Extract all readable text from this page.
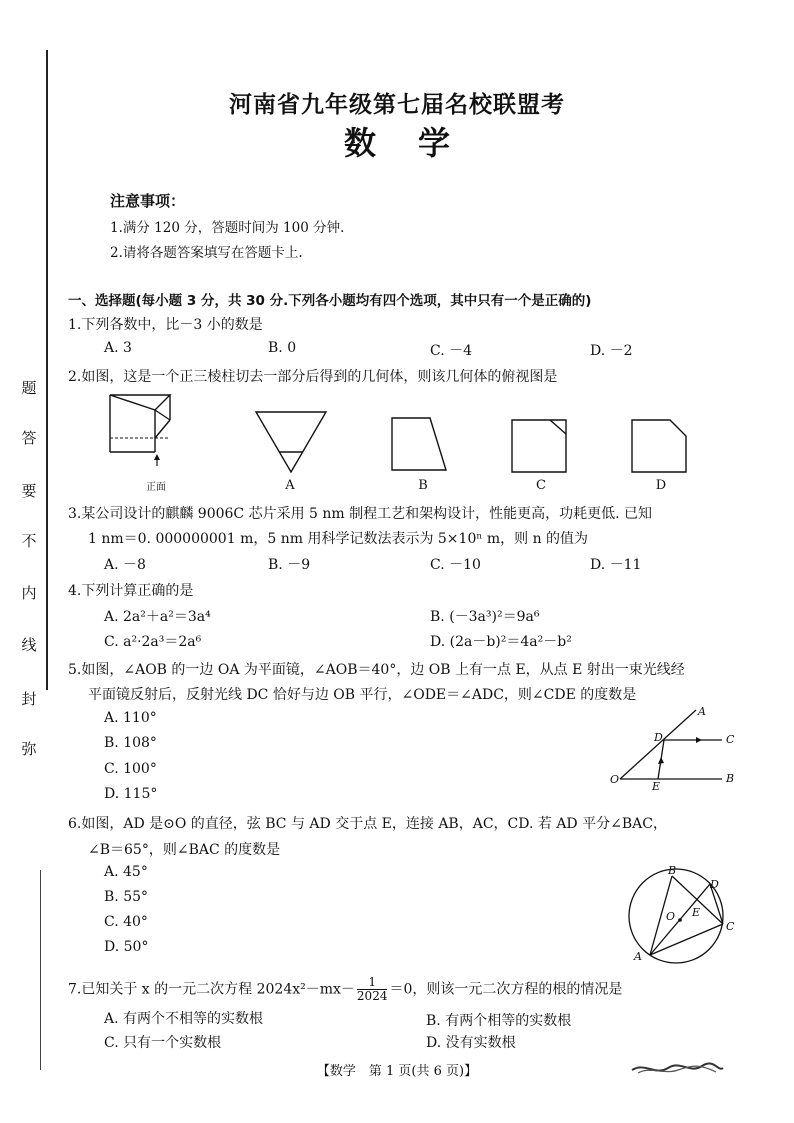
题
答
要
不
内
线
封
弥
河南省九年级第七届名校联盟考
数学
注意事项：
1.满分 120 分，答题时间为 100 分钟.
2.请将各题答案填写在答题卡上.
一、选择题(每小题 3 分，共 30 分.下列各小题均有四个选项，其中只有一个是正确的)
1.下列各数中，比－3 小的数是
A. 3	B. 0	C. －4	D. －2
2.如图，这是一个正三棱柱切去一部分后得到的几何体，则该几何体的俯视图是
正面	A	B	C	D
3.某公司设计的麒麟 9006C 芯片采用 5 nm 制程工艺和架构设计，性能更高，功耗更低. 已知
1 nm＝0. 000000001 m，5 nm 用科学记数法表示为 5×10ⁿ m，则 n 的值为
A. －8	B. －9	C. －10	D. －11
4.下列计算正确的是
A. 2a²＋a²＝3a⁴	B. (－3a³)²＝9a⁶
C. a²·2a³＝2a⁶	D. (2a－b)²＝4a²－b²
5.如图，∠AOB 的一边 OA 为平面镜，∠AOB＝40°，边 OB 上有一点 E，从点 E 射出一束光线经
平面镜反射后，反射光线 DC 恰好与边 OB 平行，∠ODE＝∠ADC，则∠CDE 的度数是
A. 110°
B. 108°
C. 100°
D. 115°
A
D	C
O
E
B
6.如图，AD 是⊙O 的直径，弦 BC 与 AD 交于点 E，连接 AB，AC，CD. 若 AD 平分∠BAC，
∠B＝65°，则∠BAC 的度数是
A. 45°
B. 55°
C. 40°
D. 50°
B
D
O E
C
A
7.已知关于 x 的一元二次方程 $2024x^2-mx- \frac{1}{2024} =0$，则该一元二次方程的根的情况是
A. 有两个不相等的实数根	B. 有两个相等的实数根
C. 只有一个实数根	D. 没有实数根
【数学　第 1 页(共 6 页)】
